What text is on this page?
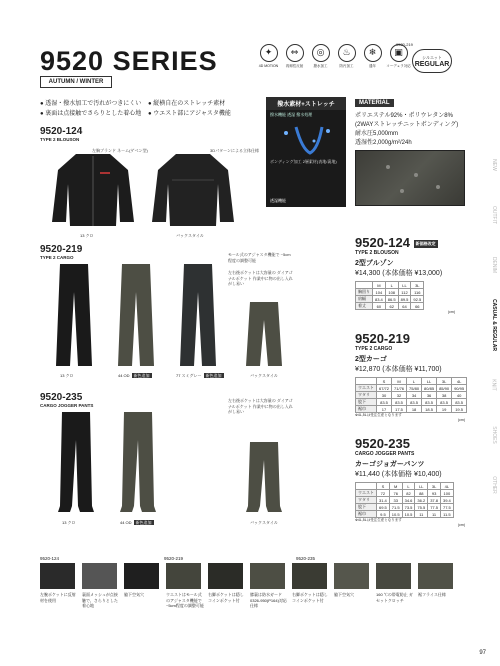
9520 SERIES
AUTUMN / WINTER
9520-219
✦
4D MOTION
⇔
再帰性反射
◎
撥水加工
♨
防汚加工
❄
通年
▣
コーデュラ対応
シルエット
REGULAR
● 透湿・撥水加工で汚れがつきにくい	● 縦横自在のストレッチ素材
● 裏面は点接触でさらりとした着心地	● ウエスト部にアジャスタ機能
撥水素材+ストレッチ
撥水機能 透湿 撥水処理
ボンディング加工 2層素材(表地/裏地)
透湿機能
MATERIAL
ポリエステル92%・ポリウレタン8%
(2WAYストレッチニットボンディング)
耐水圧5,000mm
透湿性2,000g/m²/24h
9520-124
TYPE 2 BLOUSON
左胸ブランド ネーム(ゲベン型)	3Dパターンによる立体仕様
13 クロ	バックスタイル
9520-219
TYPE 2 CARGO
モール式のアジャスタ機能で ~5cm程度の調整可能
左右後ポケットは大容量の ダイアゴナルポケット 作業中に物の出し入れがし易い
13 クロ	44 OD 新色追加	77 スミグレー 新色追加	バックスタイル
9520-235
CARGO JOGGER PANTS
左右後ポケットは大容量の ダイアゴナルポケット 作業中に物の出し入れがし易い
13 クロ	44 OD 新色追加	バックスタイル
9520-124 新価格改定
TYPE 2 BLOUSON
2型ブルゾン
¥14,300 (本体価格 ¥13,000)
	M	L	LL	3L
胸回り	104	108	112	116
肩幅	83.4	86.5	89.5	92.5
着丈	60	62	64	66
(cm)
9520-219
TYPE 2 CARGO
2型カーゴ
¥12,870 (本体価格 ¥11,700)
	S	M	L	LL	3L	4L
ウエスト	67/72	71/76	75/80	80/85	85/90	90/95
ワタリ	30	32	34	36	38	40
股下	83.5	83.5	83.5	83.5	83.5	83.5
裾巾	17	17.5	18	18.5	19	19.5
※4L,5Lは受注生産となります
(cm)
9520-235
CARGO JOGGER PANTS
カーゴジョガーパンツ
¥11,440 (本体価格 ¥10,400)
	S	M	L	LL	3L	4L
ウエスト	72	76	82	88	93	100
ワタリ	31.4	33	34.6	36.2	37.8	39.4
股下	69.5	71.5	73.5	75.5	77.5	77.5
裾巾	9.5	10.5	10.5	11	11	11.5
※4L,5Lは受注生産となります
(cm)
NEW
OUTFIT
DENIM
CASUAL & REGULAR
KNIT
SHOES
OTHER
9520-124	9520-219	9520-235
左腕ポケットに反射材を使用
裏面メッシュが点接触で、さらりとした着心地
脇下空気穴	ウエストはモール式のアジャスタ機能で~5cm程度の調整可能
右脚ポケットは隠しコインポケット付
膝裏は防水ガード 0326-950(P164)対応仕様
右脚ポケットは隠しコインポケット付
脇下空気穴	160 ℃の帯電防止 ガセットクロッチ
裾フライス仕様
97
